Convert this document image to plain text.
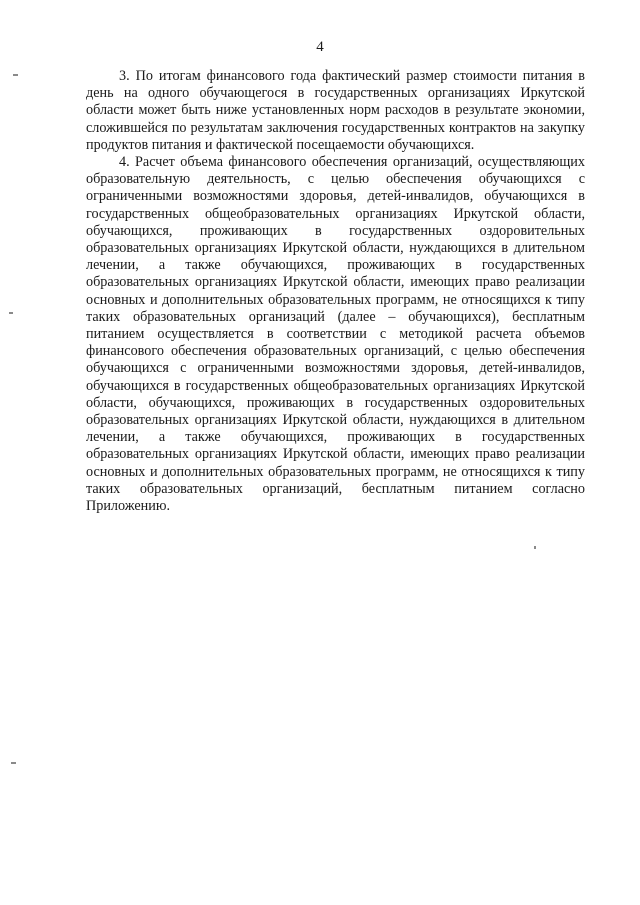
4

3. По итогам финансового года фактический размер стоимости питания в день на одного обучающегося в государственных организациях Иркутской области может быть ниже установленных норм расходов в результате экономии, сложившейся по результатам заключения государственных контрактов на закупку продуктов питания и фактической посещаемости обучающихся.

4. Расчет объема финансового обеспечения организаций, осуществляющих образовательную деятельность, с целью обеспечения обучающихся с ограниченными возможностями здоровья, детей-инвалидов, обучающихся в государственных общеобразовательных организациях Иркутской области, обучающихся, проживающих в государственных оздоровительных образовательных организациях Иркутской области, нуждающихся в длительном лечении, а также обучающихся, проживающих в государственных образовательных организациях Иркутской области, имеющих право реализации основных и дополнительных образовательных программ, не относящихся к типу таких образовательных организаций (далее – обучающихся), бесплатным питанием осуществляется в соответствии с методикой расчета объемов финансового обеспечения образовательных организаций, с целью обеспечения обучающихся с ограниченными возможностями здоровья, детей-инвалидов, обучающихся в государственных общеобразовательных организациях Иркутской области, обучающихся, проживающих в государственных оздоровительных образовательных организациях Иркутской области, нуждающихся в длительном лечении, а также обучающихся, проживающих в государственных образовательных организациях Иркутской области, имеющих право реализации основных и дополнительных образовательных программ, не относящихся к типу таких образовательных организаций, бесплатным питанием согласно Приложению.
